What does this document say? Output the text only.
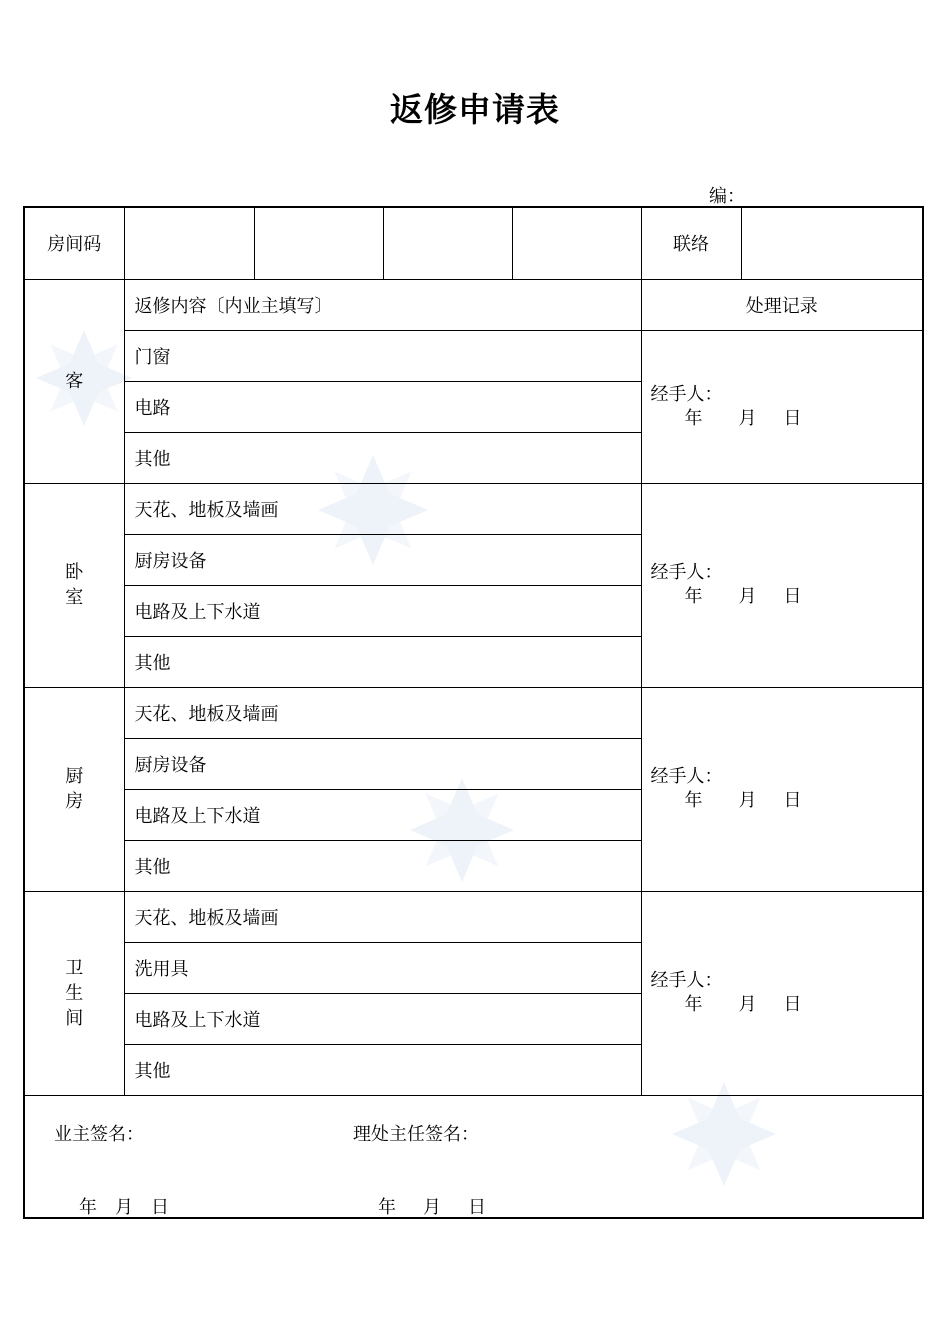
返修申请表
编：
房间码					联络	
客	返修内容〔内业主填写〕				处理记录	
	门窗				经手人：
年   月   日	

	电路					
	其他					
卧室	天花、地板及墙画				经手人：
年   月   日	

	厨房设备					
	电路及上下水道					
	其他					
厨房	天花、地板及墙画				经手人：
年   月   日	

	厨房设备					
	电路及上下水道					
	其他					
卫生间	天花、地板及墙画				经手人：
年   月   日	

	洗用具					
	电路及上下水道					
	其他					

业主签名： 理处主任签名：
年  月  日 年   月   日						
